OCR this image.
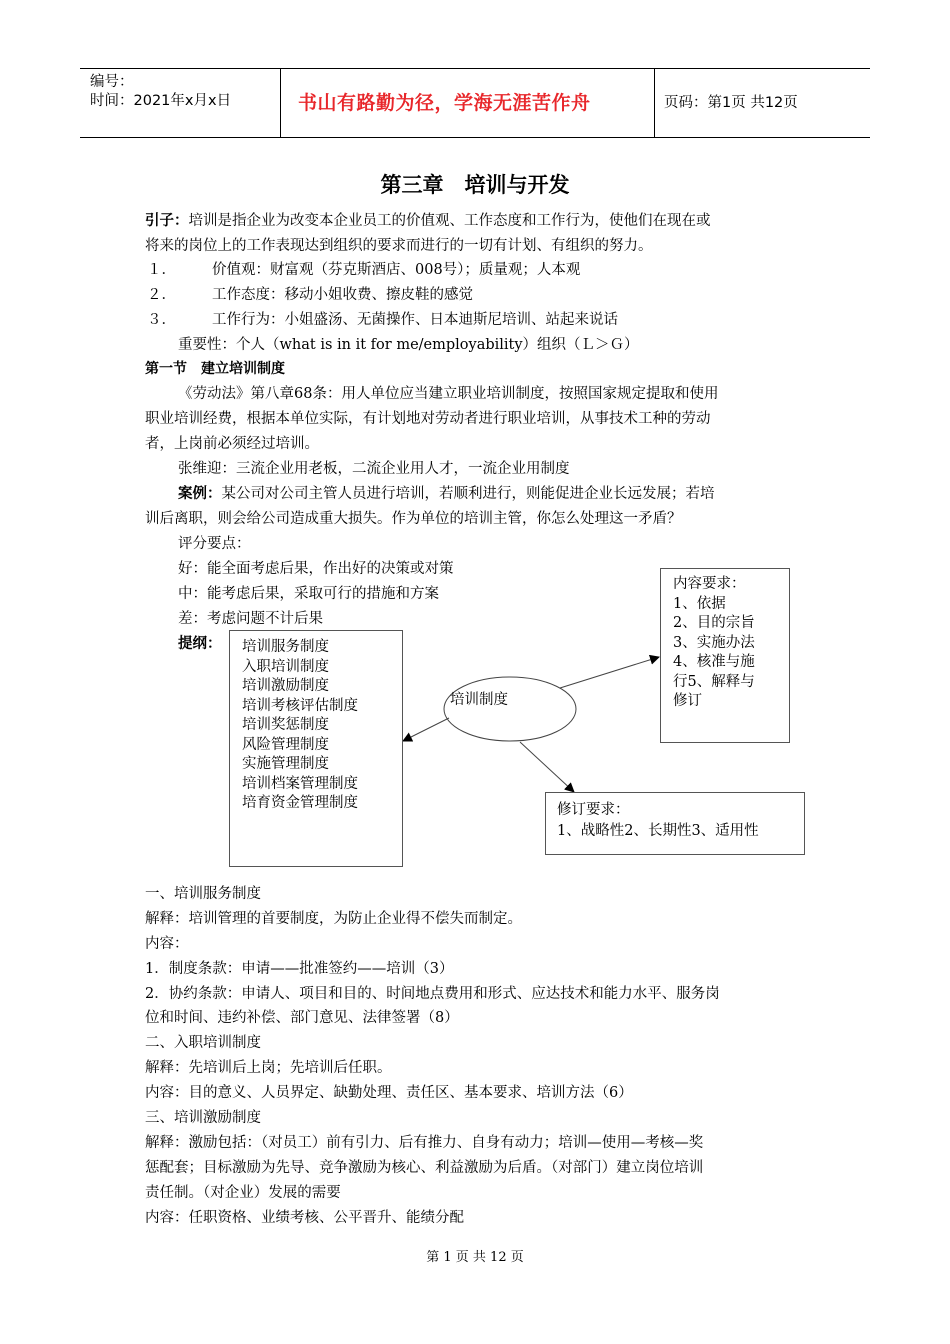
编号：
时间：2021年x月x日	书山有路勤为径，学海无涯苦作舟	页码：第1页 共12页
第三章　培训与开发
引子：培训是指企业为改变本企业员工的价值观、工作态度和工作行为，使他们在现在或
将来的岗位上的工作表现达到组织的要求而进行的一切有计划、有组织的努力。
１． 价值观：财富观（芬克斯酒店、008号）；质量观；人本观
２． 工作态度：移动小姐收费、擦皮鞋的感觉
３． 工作行为：小姐盛汤、无菌操作、日本迪斯尼培训、站起来说话
重要性：个人（what is in it for me/employability）组织（Ｌ＞Ｇ）
第一节　建立培训制度
《劳动法》第八章68条：用人单位应当建立职业培训制度，按照国家规定提取和使用
职业培训经费，根据本单位实际，有计划地对劳动者进行职业培训，从事技术工种的劳动
者，上岗前必须经过培训。
张维迎：三流企业用老板，二流企业用人才，一流企业用制度
案例：某公司对公司主管人员进行培训，若顺利进行，则能促进企业长远发展；若培
训后离职，则会给公司造成重大损失。作为单位的培训主管，你怎么处理这一矛盾？
评分要点：
好：能全面考虑后果，作出好的决策或对策
中：能考虑后果，采取可行的措施和方案
差：考虑问题不计后果
提纲：
培训制度
培训服务制度
入职培训制度
培训激励制度
培训考核评估制度
培训奖惩制度
风险管理制度
实施管理制度
培训档案管理制度
培育资金管理制度
内容要求：
1、依据
2、目的宗旨
3、实施办法
4、核准与施
行5、解释与
修订
修订要求：
1、战略性2、长期性3、适用性
一、培训服务制度
解释：培训管理的首要制度，为防止企业得不偿失而制定。
内容：
1．制度条款：申请——批准签约——培训（3）
2．协约条款：申请人、项目和目的、时间地点费用和形式、应达技术和能力水平、服务岗
位和时间、违约补偿、部门意见、法律签署（8）
二、入职培训制度
解释：先培训后上岗；先培训后任职。
内容：目的意义、人员界定、缺勤处理、责任区、基本要求、培训方法（6）
三、培训激励制度
解释：激励包括：（对员工）前有引力、后有推力、自身有动力；培训—使用—考核—奖
惩配套；目标激励为先导、竞争激励为核心、利益激励为后盾。（对部门）建立岗位培训
责任制。（对企业）发展的需要
内容：任职资格、业绩考核、公平晋升、能绩分配
第 1 页 共 12 页
